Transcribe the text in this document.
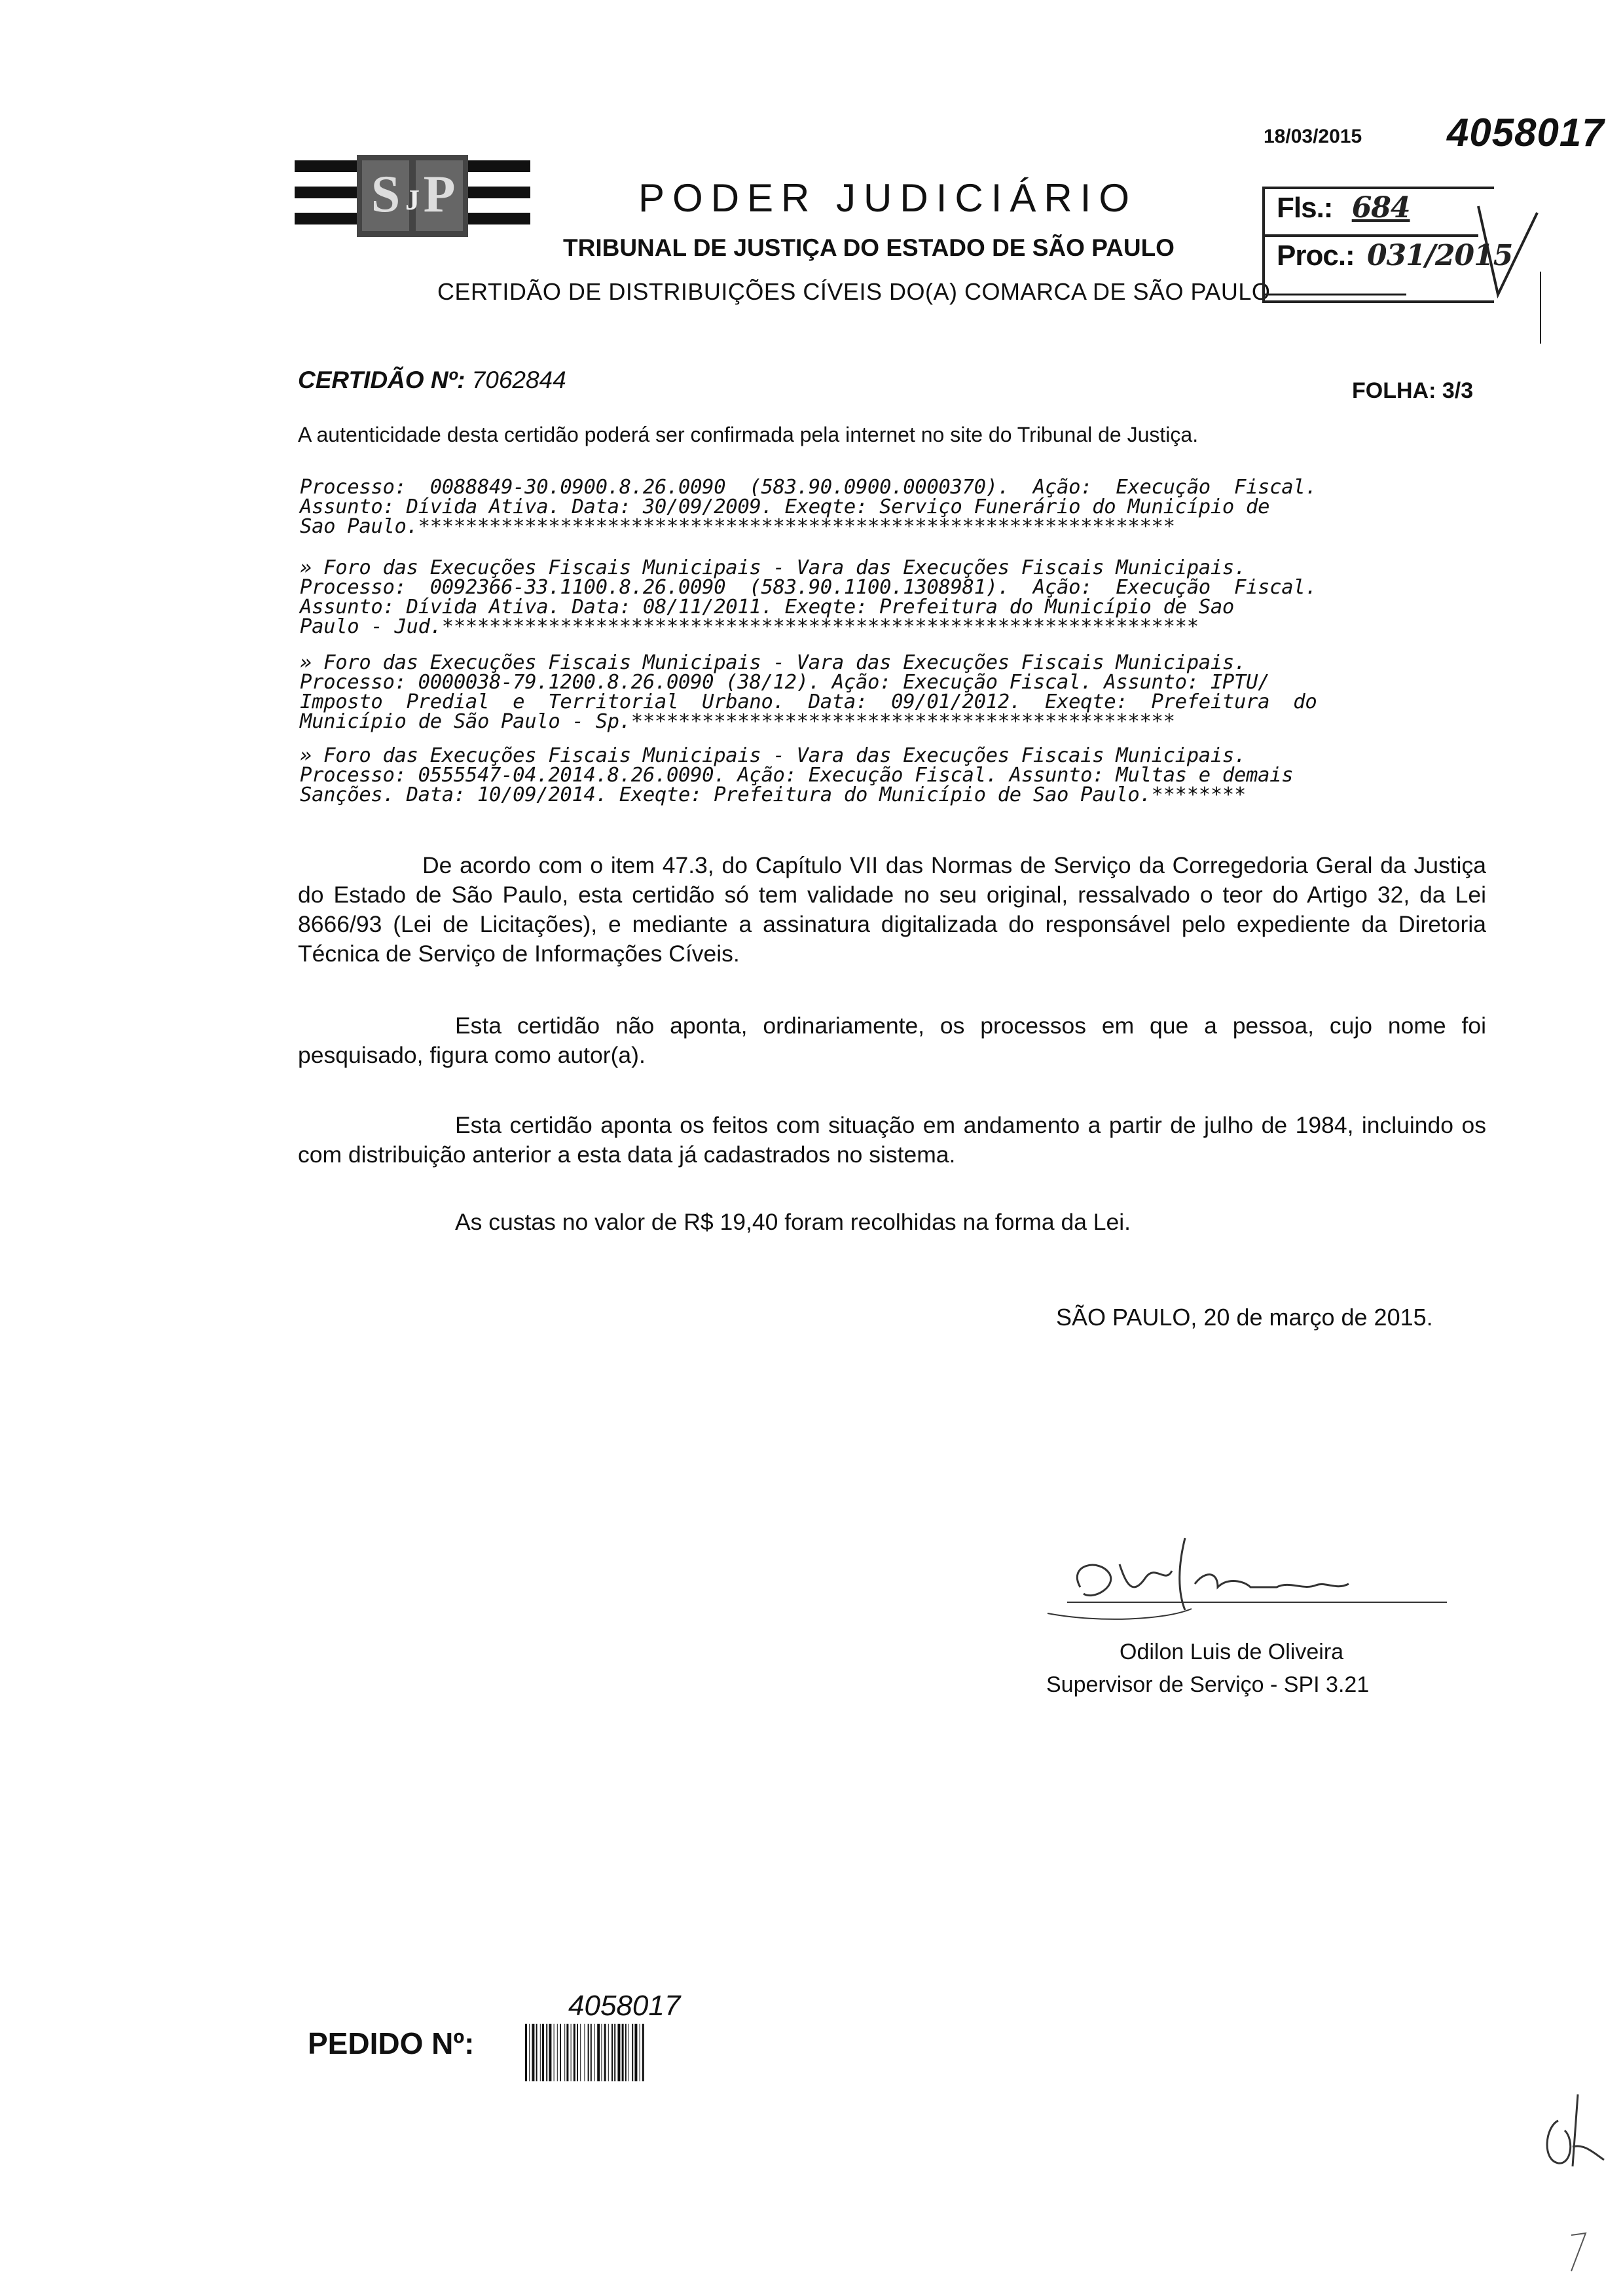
S P
J
18/03/2015 4058017
PODER JUDICIÁRIO
TRIBUNAL DE JUSTIÇA DO ESTADO DE SÃO PAULO
CERTIDÃO DE DISTRIBUIÇÕES CÍVEIS DO(A) COMARCA DE SÃO PAULO
Fls.: 684
Proc.: 031/2015
CERTIDÃO Nº: 7062844	FOLHA: 3/3
A autenticidade desta certidão poderá ser confirmada pela internet no site do Tribunal de Justiça.
Processo:  0088849-30.0900.8.26.0090  (583.90.0900.0000370).  Ação:  Execução  Fiscal.
Assunto: Dívida Ativa. Data: 30/09/2009. Exeqte: Serviço Funerário do Município de
Sao Paulo.****************************************************************
» Foro das Execuções Fiscais Municipais - Vara das Execuções Fiscais Municipais.
Processo:  0092366-33.1100.8.26.0090  (583.90.1100.1308981).  Ação:  Execução  Fiscal.
Assunto: Dívida Ativa. Data: 08/11/2011. Exeqte: Prefeitura do Município de Sao
Paulo - Jud.****************************************************************
» Foro das Execuções Fiscais Municipais - Vara das Execuções Fiscais Municipais.
Processo: 0000038-79.1200.8.26.0090 (38/12). Ação: Execução Fiscal. Assunto: IPTU/
Imposto  Predial  e  Territorial  Urbano.  Data:  09/01/2012.  Exeqte:  Prefeitura  do
Município de São Paulo - Sp.**********************************************
» Foro das Execuções Fiscais Municipais - Vara das Execuções Fiscais Municipais.
Processo: 0555547-04.2014.8.26.0090. Ação: Execução Fiscal. Assunto: Multas e demais
Sanções. Data: 10/09/2014. Exeqte: Prefeitura do Município de Sao Paulo.********
De acordo com o item 47.3, do Capítulo VII das Normas de Serviço da Corregedoria Geral da Justiça do Estado de São Paulo, esta certidão só tem validade no seu original, ressalvado o teor do Artigo 32, da Lei 8666/93 (Lei de Licitações), e mediante a assinatura digitalizada do responsável pelo expediente da Diretoria Técnica de Serviço de Informações Cíveis.
Esta certidão não aponta, ordinariamente, os processos em que a pessoa, cujo nome foi pesquisado, figura como autor(a).
Esta certidão aponta os feitos com situação em andamento a partir de julho de 1984, incluindo os com distribuição anterior a esta data já cadastrados no sistema.
As custas no valor de R$ 19,40 foram recolhidas na forma da Lei.
SÃO PAULO, 20 de março de 2015.
Odilon Luis de Oliveira
Supervisor de Serviço - SPI 3.21
PEDIDO Nº:
4058017
